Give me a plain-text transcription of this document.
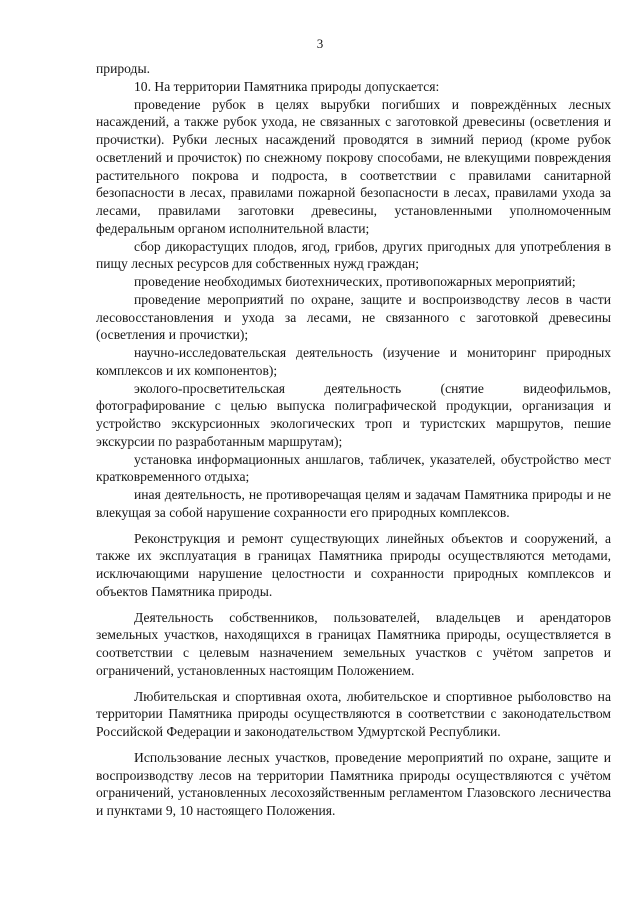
3

природы.

10. На территории Памятника природы допускается:

проведение рубок в целях вырубки погибших и повреждённых лесных насаждений, а также рубок ухода, не связанных с заготовкой древесины (осветления и прочистки). Рубки лесных насаждений проводятся в зимний период (кроме рубок осветлений и прочисток) по снежному покрову способами, не влекущими повреждения растительного покрова и подроста, в соответствии с правилами санитарной безопасности в лесах, правилами пожарной безопасности в лесах, правилами ухода за лесами, правилами заготовки древесины, установленными уполномоченным федеральным органом исполнительной власти;

сбор дикорастущих плодов, ягод, грибов, других пригодных для употребления в пищу лесных ресурсов для собственных нужд граждан;

проведение необходимых биотехнических, противопожарных мероприятий;

проведение мероприятий по охране, защите и воспроизводству лесов в части лесовосстановления и ухода за лесами, не связанного с заготовкой древесины (осветления и прочистки);

научно-исследовательская деятельность (изучение и мониторинг природных комплексов и их компонентов);

эколого-просветительская деятельность (снятие видеофильмов, фотографирование с целью выпуска полиграфической продукции, организация и устройство экскурсионных экологических троп и туристских маршрутов, пешие экскурсии по разработанным маршрутам);

установка информационных аншлагов, табличек, указателей, обустройство мест кратковременного отдыха;

иная деятельность, не противоречащая целям и задачам Памятника природы и не влекущая за собой нарушение сохранности его природных комплексов.

Реконструкция и ремонт существующих линейных объектов и сооружений, а также их эксплуатация в границах Памятника природы осуществляются методами, исключающими нарушение целостности и сохранности природных комплексов и объектов Памятника природы.

Деятельность собственников, пользователей, владельцев и арендаторов земельных участков, находящихся в границах Памятника природы, осуществляется в соответствии с целевым назначением земельных участков с учётом запретов и ограничений, установленных настоящим Положением.

Любительская и спортивная охота, любительское и спортивное рыболовство на территории Памятника природы осуществляются в соответствии с законодательством Российской Федерации и законодательством Удмуртской Республики.

Использование лесных участков, проведение мероприятий по охране, защите и воспроизводству лесов на территории Памятника природы осуществляются с учётом ограничений, установленных лесохозяйственным регламентом Глазовского лесничества и пунктами 9, 10 настоящего Положения.
